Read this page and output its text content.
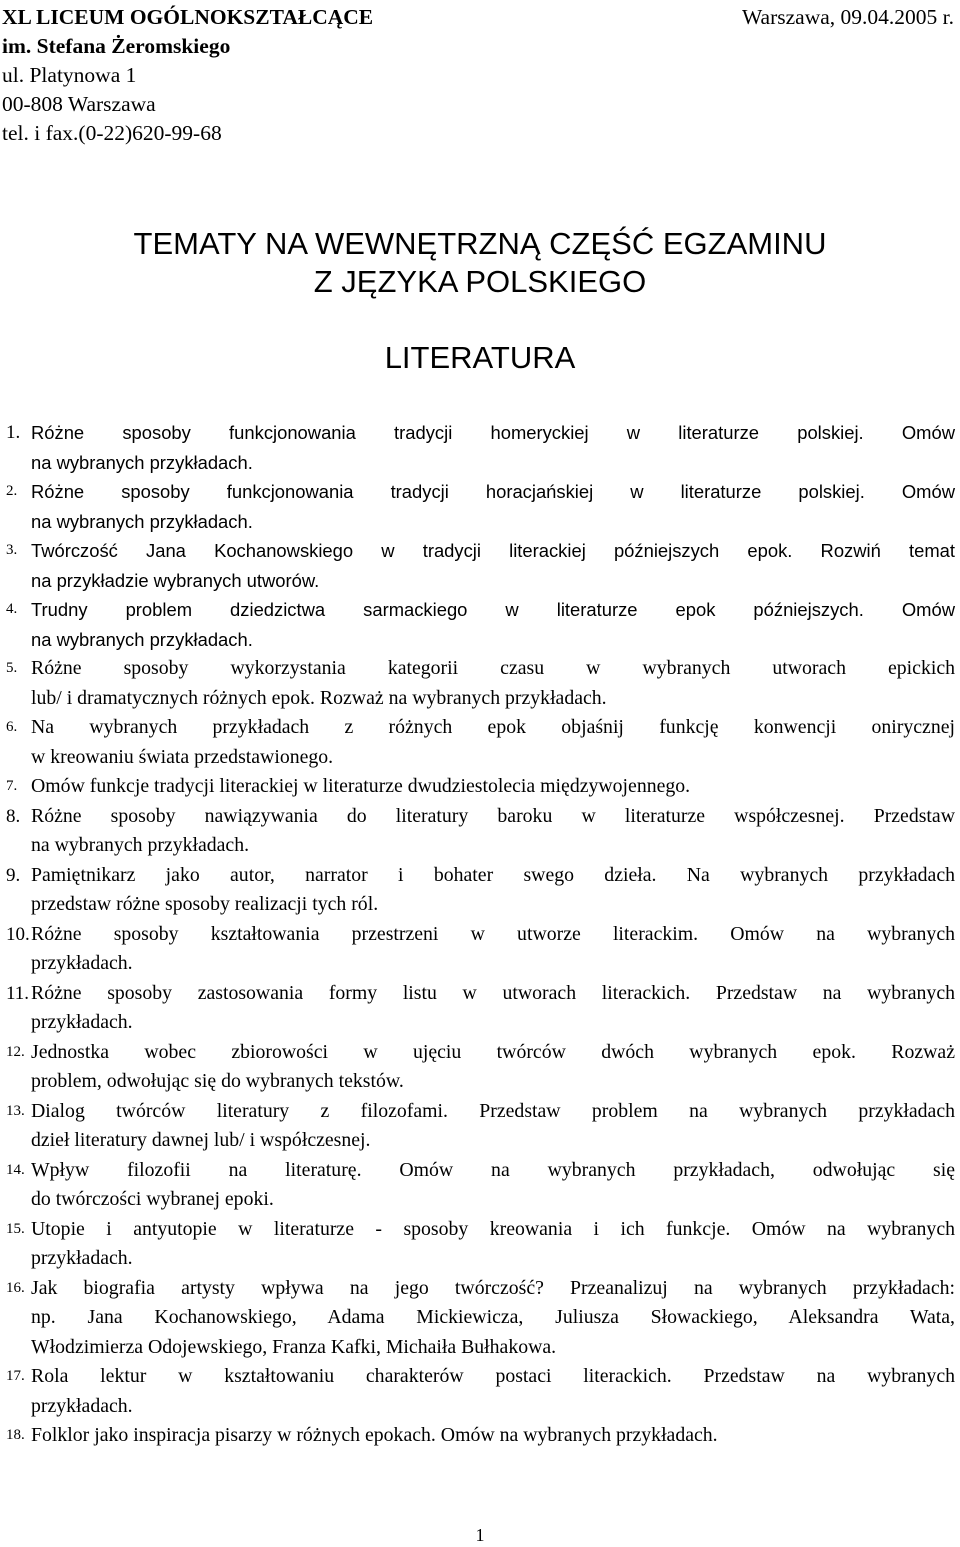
XL LICEUM OGÓLNOKSZTAŁCĄCE
im. Stefana Żeromskiego
ul. Platynowa 1
00-808 Warszawa
tel. i fax.(0-22)620-99-68
Warszawa, 09.04.2005 r.
TEMATY NA WEWNĘTRZNĄ CZĘŚĆ EGZAMINU
Z JĘZYKA POLSKIEGO
LITERATURA
1. Różne sposoby funkcjonowania tradycji homeryckiej w literaturze polskiej. Omów
na wybranych przykładach.
2. Różne sposoby funkcjonowania tradycji horacjańskiej w literaturze polskiej. Omów
na wybranych przykładach.
3. Twórczość Jana Kochanowskiego w tradycji literackiej późniejszych epok. Rozwiń temat
na przykładzie wybranych utworów.
4. Trudny problem dziedzictwa sarmackiego w literaturze epok późniejszych. Omów
na wybranych przykładach.
5. Różne sposoby wykorzystania kategorii czasu w wybranych utworach epickich
lub/ i dramatycznych różnych epok. Rozważ na wybranych przykładach.
6. Na wybranych przykładach z różnych epok objaśnij funkcję konwencji onirycznej
w kreowaniu świata przedstawionego.
7. Omów funkcje tradycji literackiej w literaturze dwudziestolecia międzywojennego.
8. Różne sposoby nawiązywania do literatury baroku w literaturze współczesnej. Przedstaw
na wybranych przykładach.
9. Pamiętnikarz jako autor, narrator i bohater swego dzieła. Na wybranych przykładach
przedstaw różne sposoby realizacji tych ról.
10. Różne sposoby kształtowania przestrzeni w utworze literackim. Omów na wybranych
przykładach.
11. Różne sposoby zastosowania formy listu w utworach literackich. Przedstaw na wybranych
przykładach.
12. Jednostka wobec zbiorowości w ujęciu twórców dwóch wybranych epok. Rozważ
problem, odwołując się do wybranych tekstów.
13. Dialog twórców literatury z filozofami. Przedstaw problem na wybranych przykładach
dzieł literatury dawnej lub/ i współczesnej.
14. Wpływ filozofii na literaturę. Omów na wybranych przykładach, odwołując się
do twórczości wybranej epoki.
15. Utopie i antyutopie w literaturze - sposoby kreowania i ich funkcje. Omów na wybranych
przykładach.
16. Jak biografia artysty wpływa na jego twórczość? Przeanalizuj na wybranych przykładach:
np. Jana Kochanowskiego, Adama Mickiewicza, Juliusza Słowackiego, Aleksandra Wata,
Włodzimierza Odojewskiego, Franza Kafki, Michaiła Bułhakowa.
17. Rola lektur w kształtowaniu charakterów postaci literackich. Przedstaw na wybranych
przykładach.
18. Folklor jako inspiracja pisarzy w różnych epokach. Omów na wybranych przykładach.
1
